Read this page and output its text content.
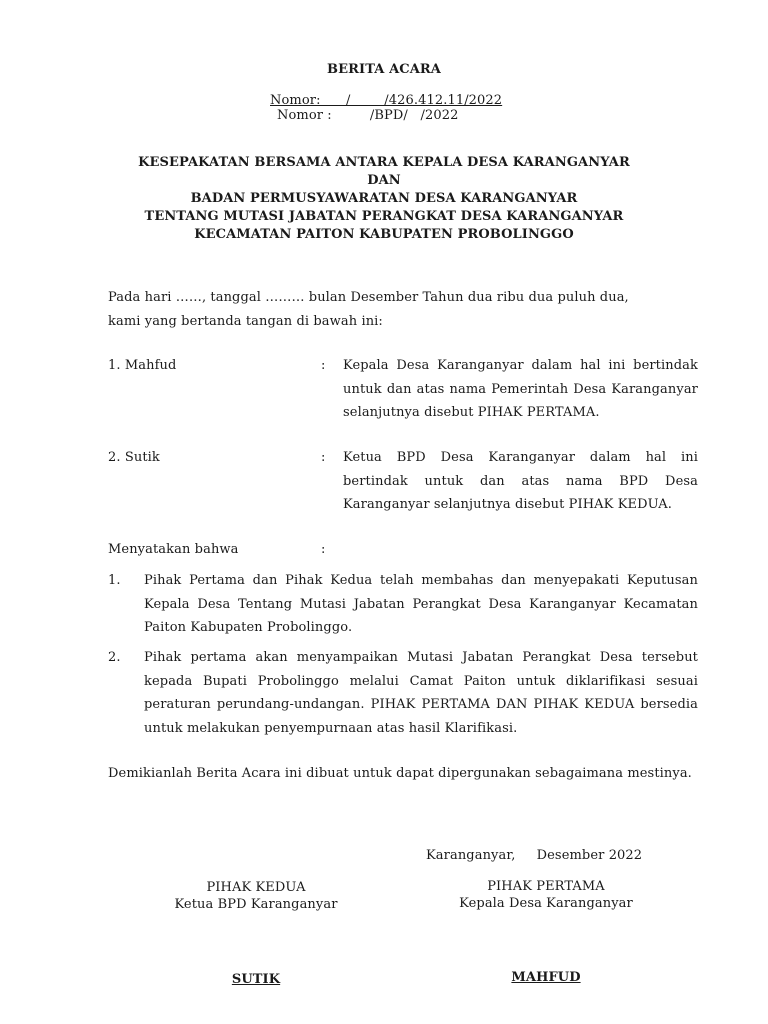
BERITA ACARA
Nomor:      /        /426.412.11/2022
Nomor :         /BPD/   /2022
KESEPAKATAN BERSAMA ANTARA KEPALA DESA KARANGANYAR
DAN
BADAN PERMUSYAWARATAN DESA KARANGANYAR
TENTANG MUTASI JABATAN PERANGKAT DESA KARANGANYAR
KECAMATAN PAITON KABUPATEN PROBOLINGGO
Pada hari ……, tanggal ……… bulan Desember Tahun dua ribu dua puluh dua,
kami yang bertanda tangan di bawah ini:
1. Mahfud	: Kepala Desa Karanganyar dalam hal ini bertindak untuk dan atas nama Pemerintah Desa Karanganyar selanjutnya disebut PIHAK PERTAMA.
2. Sutik	: Ketua BPD Desa Karanganyar dalam hal ini bertindak untuk dan atas nama BPD Desa Karanganyar selanjutnya disebut PIHAK KEDUA.
Menyatakan bahwa	:
1. Pihak Pertama dan Pihak Kedua telah membahas dan menyepakati Keputusan Kepala Desa Tentang Mutasi Jabatan Perangkat Desa Karanganyar Kecamatan Paiton Kabupaten Probolinggo.
2. Pihak pertama akan menyampaikan Mutasi Jabatan Perangkat Desa tersebut kepada Bupati Probolinggo melalui Camat Paiton untuk diklarifikasi sesuai peraturan perundang-undangan. PIHAK PERTAMA DAN PIHAK KEDUA bersedia untuk melakukan penyempurnaan atas hasil Klarifikasi.
Demikianlah Berita Acara ini dibuat untuk dapat dipergunakan sebagaimana mestinya.
Karanganyar,     Desember 2022
PIHAK KEDUA
Ketua BPD Karanganyar
PIHAK PERTAMA
Kepala Desa Karanganyar
SUTIK	MAHFUD
